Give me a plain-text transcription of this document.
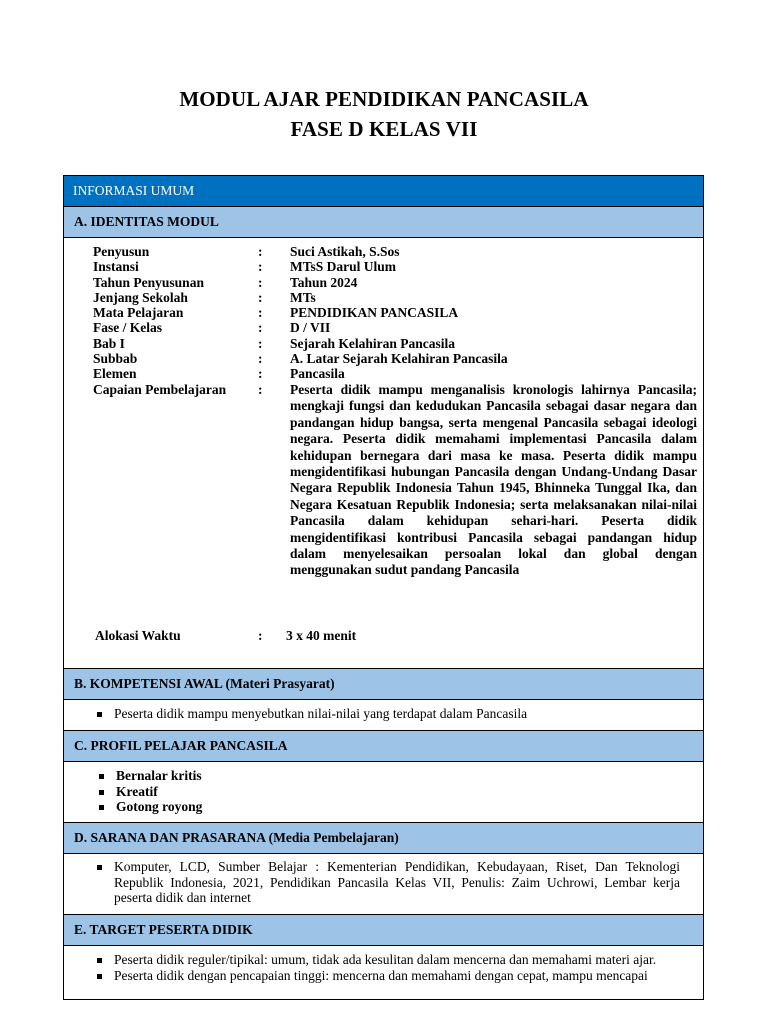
MODUL AJAR PENDIDIKAN PANCASILA
FASE D KELAS VII
INFORMASI UMUM
A. IDENTITAS MODUL
Penyusun
Instansi
Tahun Penyusunan
Jenjang Sekolah
Mata Pelajaran
Fase / Kelas
Bab I
Subbab
Elemen
Capaian Pembelajaran
:
:
:
:
:
:
:
:
:
:
Suci Astikah, S.Sos
MTsS Darul Ulum
Tahun 2024
MTs
PENDIDIKAN PANCASILA
D / VII
Sejarah Kelahiran Pancasila
A. Latar Sejarah Kelahiran Pancasila
Pancasila
Peserta didik mampu menganalisis kronologis lahirnya Pancasila; mengkaji fungsi dan kedudukan Pancasila sebagai dasar negara dan pandangan hidup bangsa, serta mengenal Pancasila sebagai ideologi negara. Peserta didik memahami implementasi Pancasila dalam kehidupan bernegara dari masa ke masa. Peserta didik mampu mengidentifikasi hubungan Pancasila dengan Undang-Undang Dasar Negara Republik Indonesia Tahun 1945, Bhinneka Tunggal Ika, dan Negara Kesatuan Republik Indonesia; serta melaksanakan nilai-nilai Pancasila dalam kehidupan sehari-hari. Peserta didik mengidentifikasi kontribusi Pancasila sebagai pandangan hidup dalam menyelesaikan persoalan lokal dan global dengan menggunakan sudut pandang Pancasila
Alokasi Waktu	: 3 x 40 menit
B. KOMPETENSI AWAL (Materi Prasyarat)
Peserta didik mampu menyebutkan nilai-nilai yang terdapat dalam Pancasila
C. PROFIL PELAJAR PANCASILA
Bernalar kritis
Kreatif
Gotong royong
D. SARANA DAN PRASARANA (Media Pembelajaran)
Komputer, LCD, Sumber Belajar : Kementerian Pendidikan, Kebudayaan, Riset, Dan Teknologi Republik Indonesia, 2021, Pendidikan Pancasila Kelas VII, Penulis: Zaim Uchrowi, Lembar kerja peserta didik dan internet
E. TARGET PESERTA DIDIK
Peserta didik reguler/tipikal: umum, tidak ada kesulitan dalam mencerna dan memahami materi ajar.
Peserta didik dengan pencapaian tinggi: mencerna dan memahami dengan cepat, mampu mencapai
